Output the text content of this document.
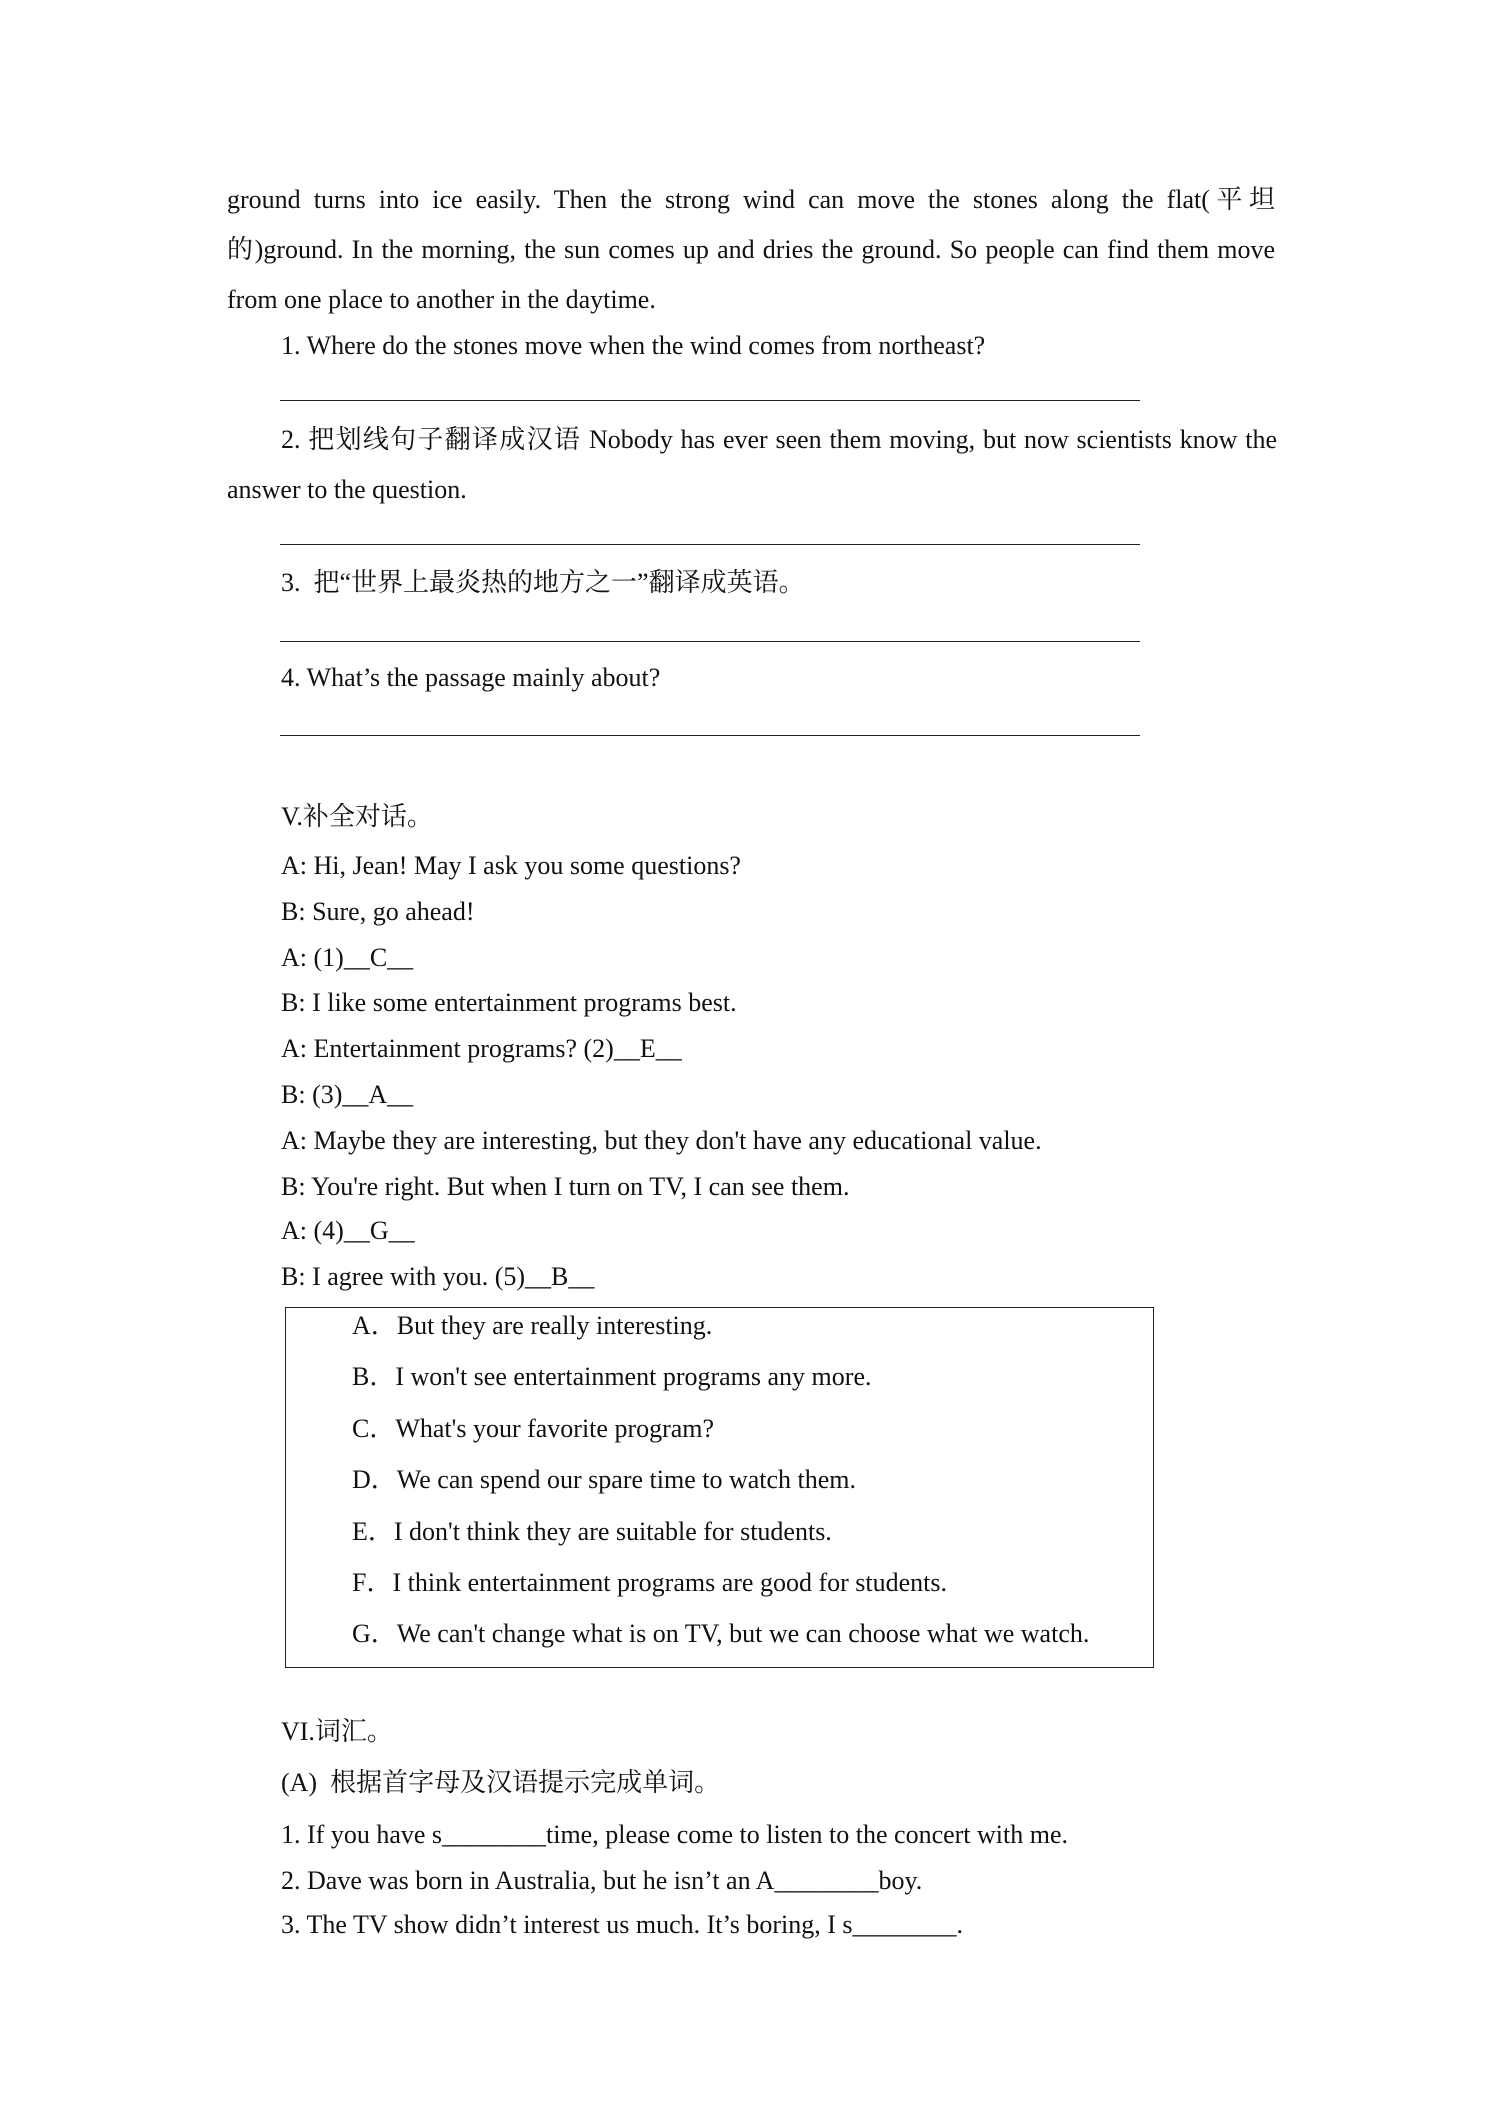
ground turns into ice easily. Then the strong wind can move the stones along the flat(平坦
的)ground. In the morning, the sun comes up and dries the ground. So people can find them move
from one place to another in the daytime.
1. Where do the stones move when the wind comes from northeast?
2. 把划线句子翻译成汉语 Nobody has ever seen them moving, but now scientists know the
answer to the question.
3.  把“世界上最炎热的地方之一”翻译成英语。
4. What’s the passage mainly about?
V.补全对话。
A: Hi, Jean! May I ask you some questions?
B: Sure, go ahead!
A: (1)__C__
B: I like some entertainment programs best.
A: Entertainment programs? (2)__E__
B: (3)__A__
A: Maybe they are interesting, but they don't have any educational value.
B: You're right. But when I turn on TV, I can see them.
A: (4)__G__
B: I agree with you. (5)__B__
A．But they are really interesting.
B．I won't see entertainment programs any more.
C．What's your favorite program?
D．We can spend our spare time to watch them.
E．I don't think they are suitable for students.
F．I think entertainment programs are good for students.
G．We can't change what is on TV, but we can choose what we watch.
VI.词汇。
(A)  根据首字母及汉语提示完成单词。
1. If you have s________time, please come to listen to the concert with me.
2. Dave was born in Australia, but he isn’t an A________boy.
3. The TV show didn’t interest us much. It’s boring, I s________.
